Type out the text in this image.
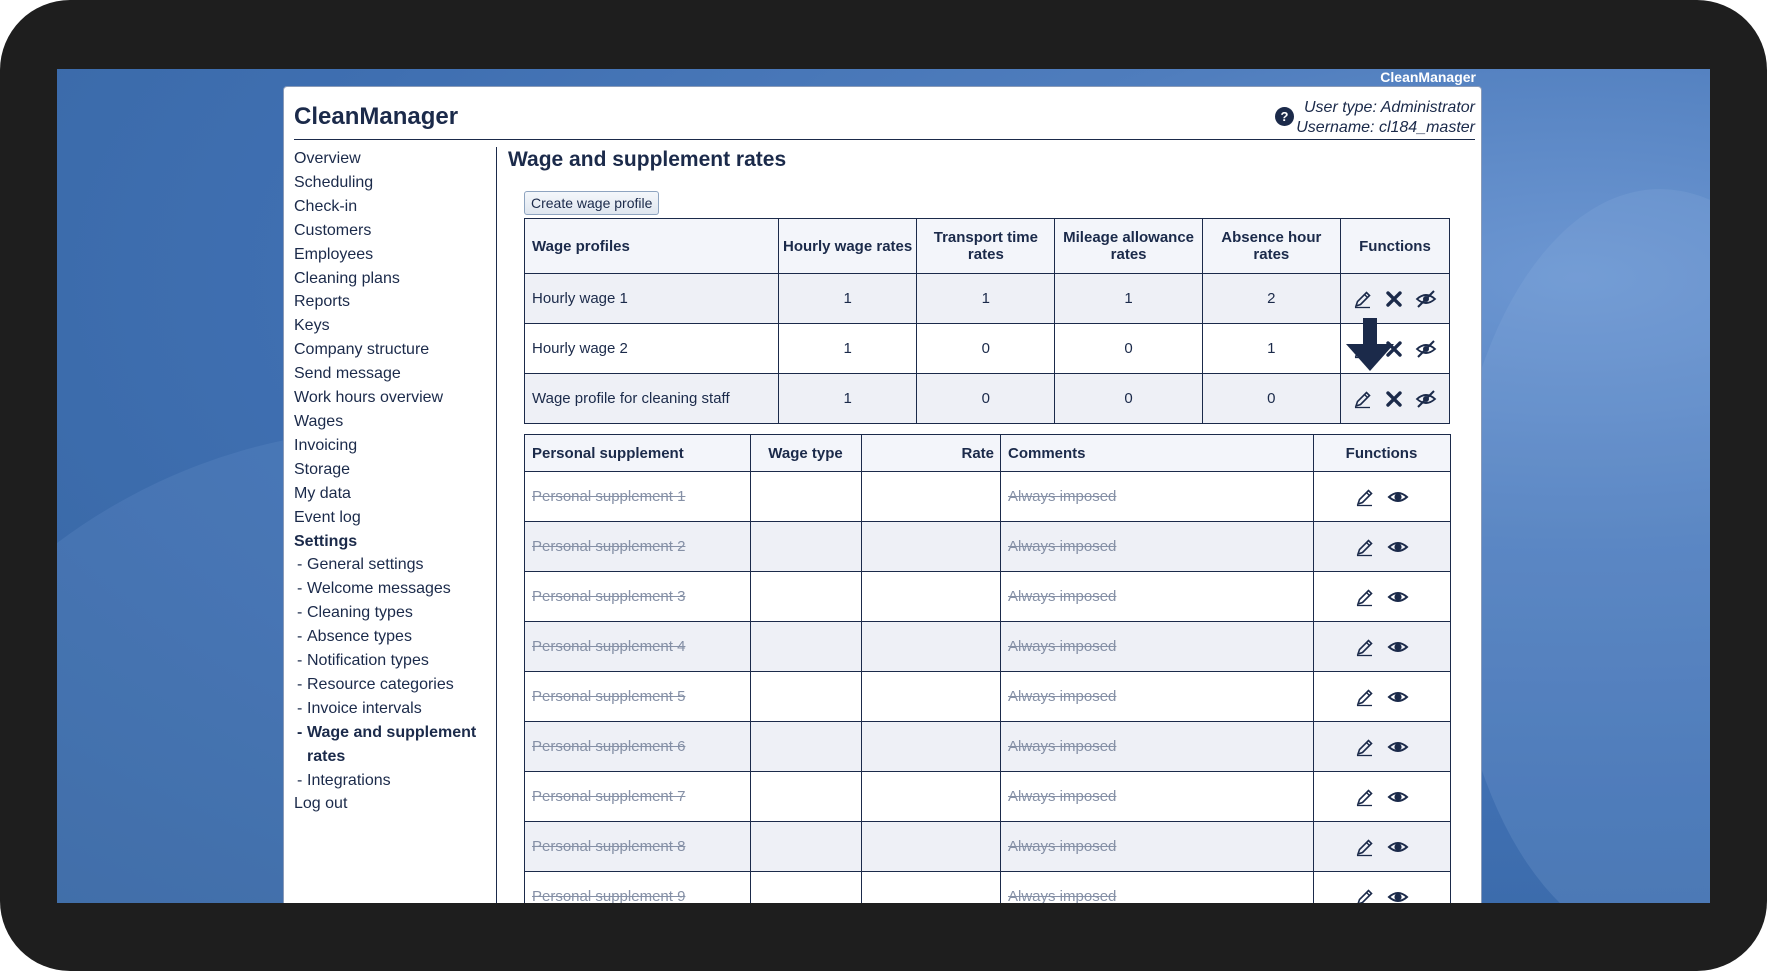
CleanManager
CleanManager	?
User type: Administrator
Username: cl184_master
Overview
Scheduling
Check-in
Customers
Employees
Cleaning plans
Reports
Keys
Company structure
Send message
Work hours overview
Wages
Invoicing
Storage
My data
Event log
Settings
- General settings
- Welcome messages
- Cleaning types
- Absence types
- Notification types
- Resource categories
- Invoice intervals
- Wage and supplement
rates
- Integrations
Log out
Wage and supplement rates
Create wage profile
Wage profiles	Hourly wage rates	Transport time rates	Mileage allowance rates	Absence hour rates	Functions
Hourly wage 1	1	1	1	2	
Hourly wage 2	1	0	0	1	
Wage profile for cleaning staff	1	0	0	0	
Personal supplement	Wage type	Rate	Comments	Functions
Personal supplement 1			Always imposed	
Personal supplement 2			Always imposed	
Personal supplement 3			Always imposed	
Personal supplement 4			Always imposed	
Personal supplement 5			Always imposed	
Personal supplement 6			Always imposed	
Personal supplement 7			Always imposed	
Personal supplement 8			Always imposed	
Personal supplement 9			Always imposed	
